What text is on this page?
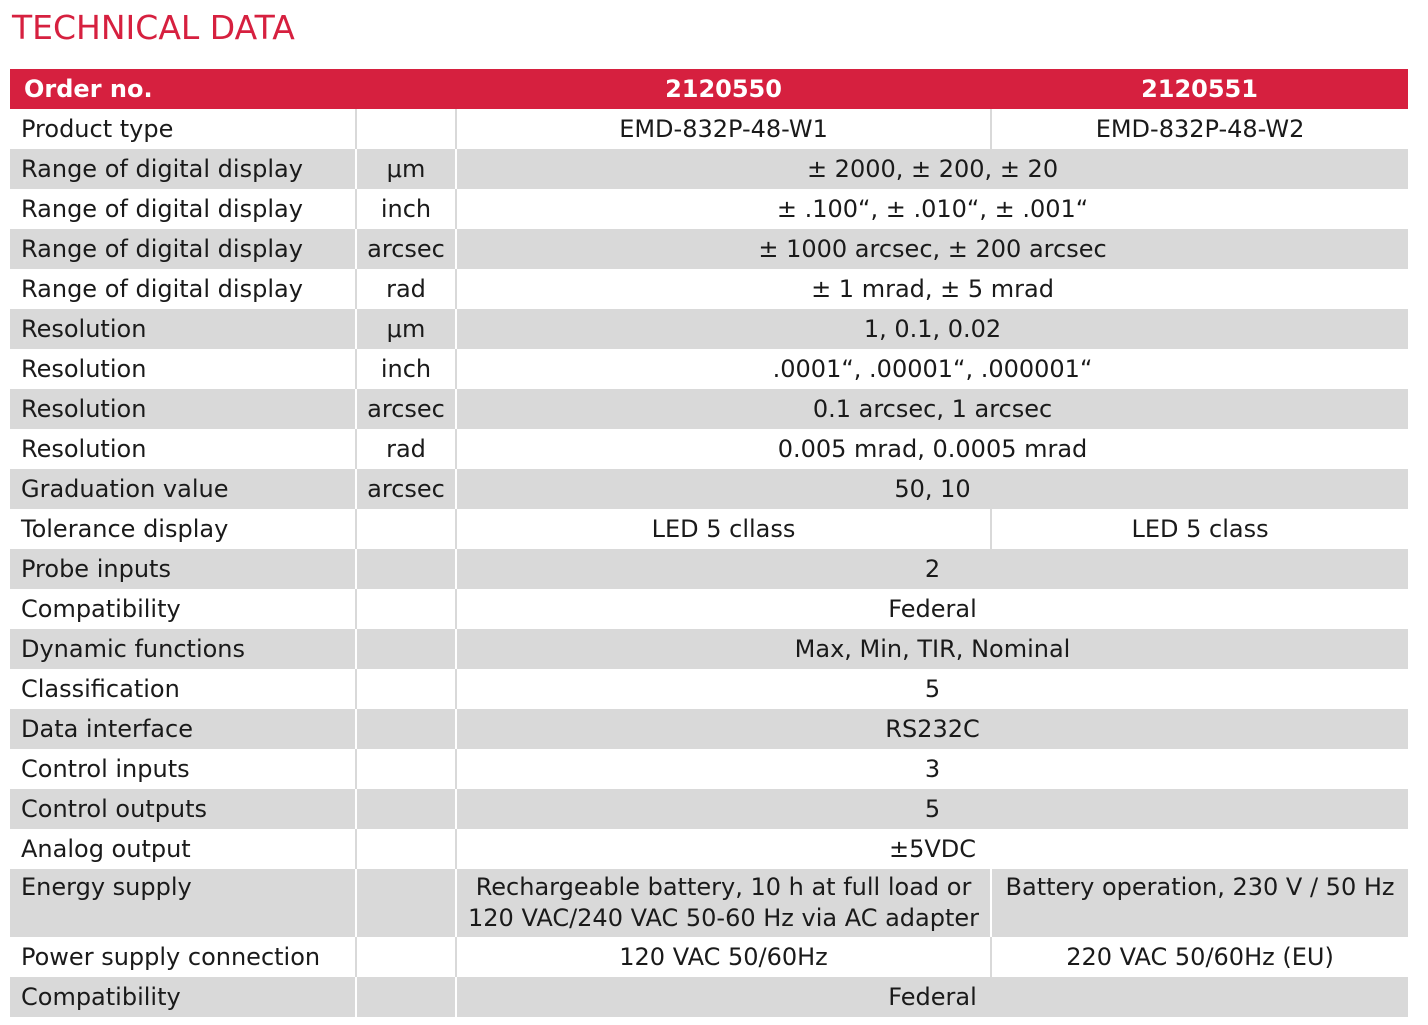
TECHNICAL DATA
Order no.		2120550	2120551
Product type		EMD-832P-48-W1	EMD-832P-48-W2
Range of digital display	μm	± 2000, ± 200, ± 20	
Range of digital display	inch	± .100“, ± .010“, ± .001“	
Range of digital display	arcsec	± 1000 arcsec, ± 200 arcsec	
Range of digital display	rad	± 1 mrad, ± 5 mrad	
Resolution	μm	1, 0.1, 0.02	
Resolution	inch	.0001“, .00001“, .000001“	
Resolution	arcsec	0.1 arcsec, 1 arcsec	
Resolution	rad	0.005 mrad, 0.0005 mrad	
Graduation value	arcsec	50, 10	
Tolerance display		LED 5 cllass	LED 5 class
Probe inputs		2	
Compatibility		Federal	
Dynamic functions		Max, Min, TIR, Nominal	
Classification		5	
Data interface		RS232C	
Control inputs		3	
Control outputs		5	
Analog output		±5VDC	
Energy supply		Rechargeable battery, 10 h at full load or 120 VAC/240 VAC 50-60 Hz via AC adapter	Battery operation, 230 V / 50 Hz
Power supply connection		120 VAC 50/60Hz	220 VAC 50/60Hz (EU)
Compatibility		Federal	
